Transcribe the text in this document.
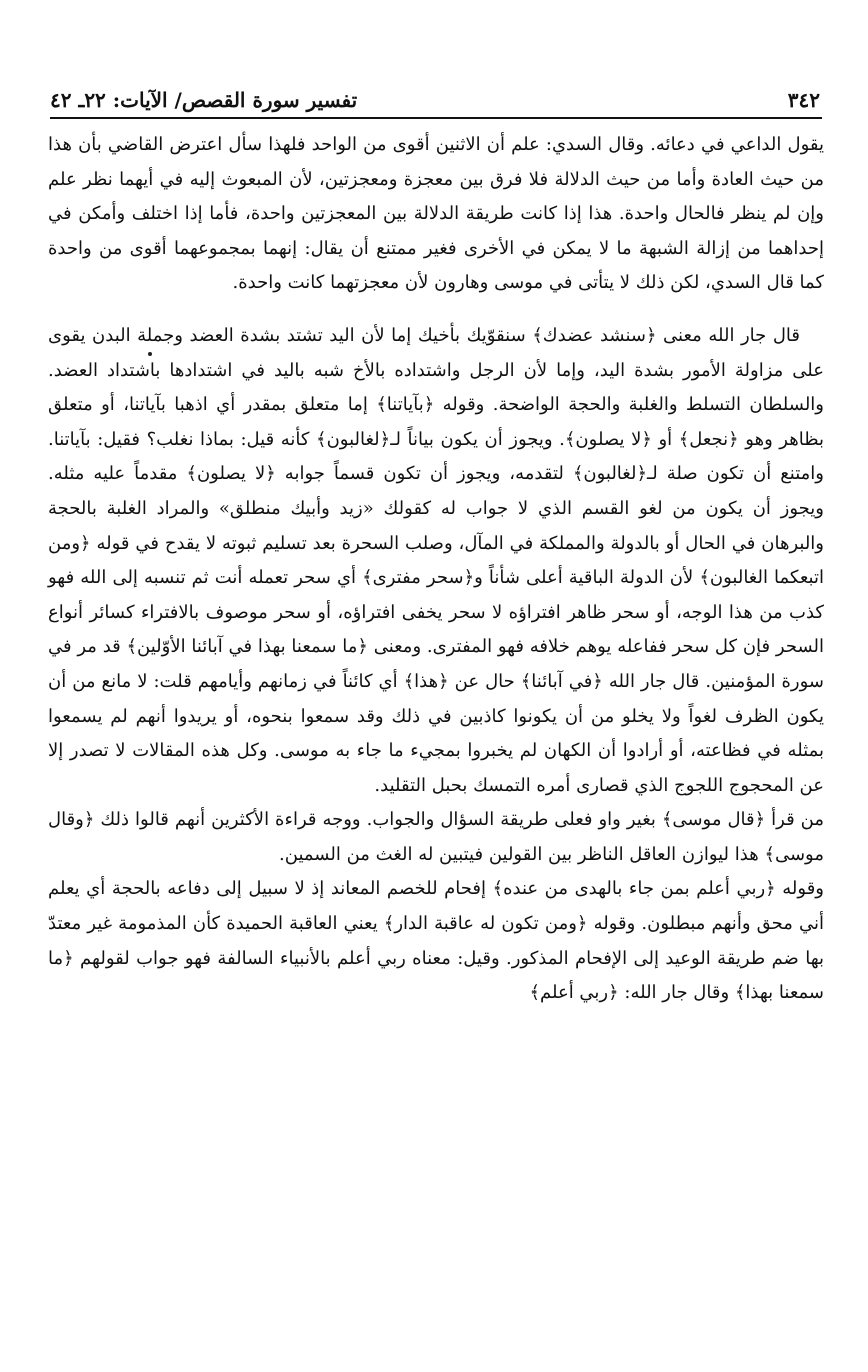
٣٤٢
تفسير سورة القصص/ الآيات: ٢٢ـ ٤٢

يقول الداعي في دعائه. وقال السدي: علم أن الاثنين أقوى من الواحد فلهذا سأل اعترض القاضي بأن هذا من حيث العادة وأما من حيث الدلالة فلا فرق بين معجزة ومعجزتين، لأن المبعوث إليه في أيهما نظر علم وإن لم ينظر فالحال واحدة. هذا إذا كانت طريقة الدلالة بين المعجزتين واحدة، فأما إذا اختلف وأمكن في إحداهما من إزالة الشبهة ما لا يمكن في الأخرى فغير ممتنع أن يقال: إنهما بمجموعهما أقوى من واحدة كما قال السدي، لكن ذلك لا يتأتى في موسى وهارون لأن معجزتهما كانت واحدة.

قال جار الله معنى ﴿سنشد عضدك﴾ سنقوّيك بأخيك إما لأن اليد تشتد بشدة العضد وجملة البدن يقوى على مزاولة الأمور بشدة اليد، وإما لأن الرجل واشتداده بالأخ شبه باليد في اشتدادها باشتداد العضد. والسلطان التسلط والغلبة والحجة الواضحة. وقوله ﴿بآياتنا﴾ إما متعلق بمقدر أي اذهبا بآياتنا، أو متعلق بظاهر وهو ﴿نجعل﴾ أو ﴿لا يصلون﴾. ويجوز أن يكون بياناً لـ﴿لغالبون﴾ كأنه قيل: بماذا نغلب؟ فقيل: بآياتنا. وامتنع أن تكون صلة لـ﴿لغالبون﴾ لتقدمه، ويجوز أن تكون قسماً جوابه ﴿لا يصلون﴾ مقدماً عليه مثله. ويجوز أن يكون من لغو القسم الذي لا جواب له كقولك «زيد وأبيك منطلق» والمراد الغلبة بالحجة والبرهان في الحال أو بالدولة والمملكة في المآل، وصلب السحرة بعد تسليم ثبوته لا يقدح في قوله ﴿ومن اتبعكما الغالبون﴾ لأن الدولة الباقية أعلى شأناً و﴿سحر مفترى﴾ أي سحر تعمله أنت ثم تنسبه إلى الله فهو كذب من هذا الوجه، أو سحر ظاهر افتراؤه لا سحر يخفى افتراؤه، أو سحر موصوف بالافتراء كسائر أنواع السحر فإن كل سحر ففاعله يوهم خلافه فهو المفترى. ومعنى ﴿ما سمعنا بهذا في آبائنا الأوّلين﴾ قد مر في سورة المؤمنين. قال جار الله ﴿في آبائنا﴾ حال عن ﴿هذا﴾ أي كائناً في زمانهم وأيامهم قلت: لا مانع من أن يكون الظرف لغواً ولا يخلو من أن يكونوا كاذبين في ذلك وقد سمعوا بنحوه، أو يريدوا أنهم لم يسمعوا بمثله في فظاعته، أو أرادوا أن الكهان لم يخبروا بمجيء ما جاء به موسى. وكل هذه المقالات لا تصدر إلا عن المحجوج اللجوج الذي قصارى أمره التمسك بحبل التقليد.

من قرأ ﴿قال موسى﴾ بغير واو فعلى طريقة السؤال والجواب. ووجه قراءة الأكثرين أنهم قالوا ذلك ﴿وقال موسى﴾ هذا ليوازن العاقل الناظر بين القولين فيتبين له الغث من السمين.

وقوله ﴿ربي أعلم بمن جاء بالهدى من عنده﴾ إفحام للخصم المعاند إذ لا سبيل إلى دفاعه بالحجة أي يعلم أني محق وأنهم مبطلون. وقوله ﴿ومن تكون له عاقبة الدار﴾ يعني العاقبة الحميدة كأن المذمومة غير معتدّ بها ضم طريقة الوعيد إلى الإفحام المذكور. وقيل: معناه ربي أعلم بالأنبياء السالفة فهو جواب لقولهم ﴿ما سمعنا بهذا﴾ وقال جار الله: ﴿ربي أعلم﴾
